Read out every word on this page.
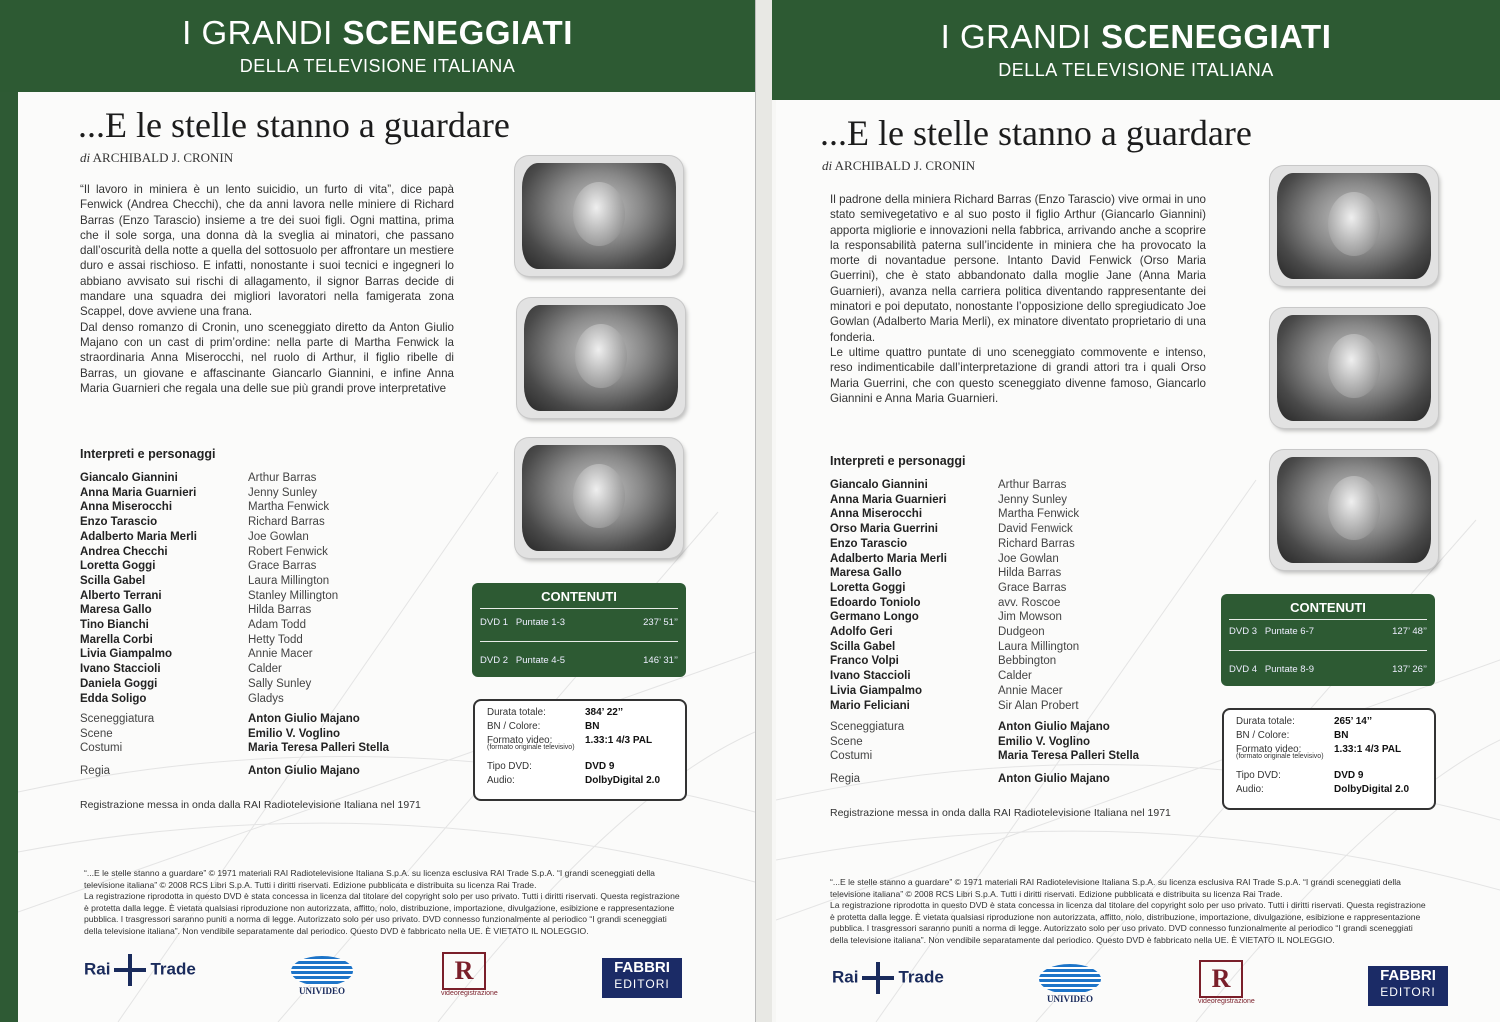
I GRANDI SCENEGGIATI
DELLA TELEVISIONE ITALIANA
...E le stelle stanno a guardare
di ARCHIBALD J. CRONIN

“Il lavoro in miniera è un lento suicidio, un furto di vita”, dice papà Fenwick (Andrea Checchi), che da anni lavora nelle miniere di Richard Barras (Enzo Tarascio) insieme a tre dei suoi figli. Ogni mattina, prima che il sole sorga, una donna dà la sveglia ai minatori, che passano dall’oscurità della notte a quella del sottosuolo per affrontare un mestiere duro e assai rischioso. E infatti, nonostante i suoi tecnici e ingegneri lo abbiano avvisato sui rischi di allagamento, il signor Barras decide di mandare una squadra dei migliori lavoratori nella famigerata zona Scappel, dove avviene una frana.

Dal denso romanzo di Cronin, uno sceneggiato diretto da Anton Giulio Majano con un cast di prim’ordine: nella parte di Martha Fenwick la straordinaria Anna Miserocchi, nel ruolo di Arthur, il figlio ribelle di Barras, un giovane e affascinante Giancarlo Giannini, e infine Anna Maria Guarnieri che regala una delle sue più grandi prove interpretative

Interpreti e personaggi
Giancalo Giannini	Arthur Barras
Anna Maria Guarnieri	Jenny Sunley
Anna Miserocchi	Martha Fenwick
Enzo Tarascio	Richard Barras
Adalberto Maria Merli	Joe Gowlan
Andrea Checchi	Robert Fenwick
Loretta Goggi	Grace Barras
Scilla Gabel	Laura Millington
Alberto Terrani	Stanley Millington
Maresa Gallo	Hilda Barras
Tino Bianchi	Adam Todd
Marella Corbi	Hetty Todd
Livia Giampalmo	Annie Macer
Ivano Staccioli	Calder
Daniela Goggi	Sally Sunley
Edda Soligo	Gladys
Sceneggiatura	Anton Giulio Majano
Scene	Emilio V. Voglino
Costumi	Maria Teresa Palleri Stella
Regia	Anton Giulio Majano
Registrazione messa in onda dalla RAI Radiotelevisione Italiana nel 1971
CONTENUTI
DVD 1 Puntate 1-3	237’ 51’’
DVD 2 Puntate 4-5	146’ 31’’
Durata totale:	384’ 22’’
BN / Colore:	BN
Formato video:
(formato originale televisivo)
1.33:1 4/3 PAL
Tipo DVD:	DVD 9
Audio:	DolbyDigital 2.0

“...E le stelle stanno a guardare” © 1971 materiali RAI Radiotelevisione Italiana S.p.A. su licenza esclusiva RAI Trade S.p.A. “I grandi sceneggiati della televisione italiana” © 2008 RCS Libri S.p.A. Tutti i diritti riservati. Edizione pubblicata e distribuita su licenza Rai Trade.

La registrazione riprodotta in questo DVD è stata concessa in licenza dal titolare del copyright solo per uso privato. Tutti i diritti riservati. Questa registrazione è protetta dalla legge. È vietata qualsiasi riproduzione non autorizzata, affitto, nolo, distribuzione, importazione, divulgazione, esibizione e rappresentazione pubblica. I trasgressori saranno puniti a norma di legge. Autorizzato solo per uso privato. DVD connesso funzionalmente al periodico “I grandi sceneggiati della televisione italiana”. Non vendibile separatamente dal periodico. Questo DVD è fabbricato nella UE. È VIETATO IL NOLEGGIO.

Rai Trade
UNIVIDEO
R
videoregistrazione
FABBRI
EDITORI
I GRANDI SCENEGGIATI
DELLA TELEVISIONE ITALIANA
...E le stelle stanno a guardare
di ARCHIBALD J. CRONIN

Il padrone della miniera Richard Barras (Enzo Tarascio) vive ormai in uno stato semivegetativo e al suo posto il figlio Arthur (Giancarlo Giannini) apporta migliorie e innovazioni nella fabbrica, arrivando anche a scoprire la responsabilità paterna sull’incidente in miniera che ha provocato la morte di novantadue persone. Intanto David Fenwick (Orso Maria Guerrini), che è stato abbandonato dalla moglie Jane (Anna Maria Guarnieri), avanza nella carriera politica diventando rappresentante dei minatori e poi deputato, nonostante l’opposizione dello spregiudicato Joe Gowlan (Adalberto Maria Merli), ex minatore diventato proprietario di una fonderia.

Le ultime quattro puntate di uno sceneggiato commovente e intenso, reso indimenticabile dall’interpretazione di grandi attori tra i quali Orso Maria Guerrini, che con questo sceneggiato divenne famoso, Giancarlo Giannini e Anna Maria Guarnieri.

Interpreti e personaggi
Giancalo Giannini	Arthur Barras
Anna Maria Guarnieri	Jenny Sunley
Anna Miserocchi	Martha Fenwick
Orso Maria Guerrini	David Fenwick
Enzo Tarascio	Richard Barras
Adalberto Maria Merli	Joe Gowlan
Maresa Gallo	Hilda Barras
Loretta Goggi	Grace Barras
Edoardo Toniolo	avv. Roscoe
Germano Longo	Jim Mowson
Adolfo Geri	Dudgeon
Scilla Gabel	Laura Millington
Franco Volpi	Bebbington
Ivano Staccioli	Calder
Livia Giampalmo	Annie Macer
Mario Feliciani	Sir Alan Probert
Sceneggiatura	Anton Giulio Majano
Scene	Emilio V. Voglino
Costumi	Maria Teresa Palleri Stella
Regia	Anton Giulio Majano
Registrazione messa in onda dalla RAI Radiotelevisione Italiana nel 1971
CONTENUTI
DVD 3 Puntate 6-7	127’ 48’’
DVD 4 Puntate 8-9	137’ 26’’
Durata totale:	265’ 14’’
BN / Colore:	BN
Formato video:
(formato originale televisivo)
1.33:1 4/3 PAL
Tipo DVD:	DVD 9
Audio:	DolbyDigital 2.0

“...E le stelle stanno a guardare” © 1971 materiali RAI Radiotelevisione Italiana S.p.A. su licenza esclusiva RAI Trade S.p.A. “I grandi sceneggiati della televisione italiana” © 2008 RCS Libri S.p.A. Tutti i diritti riservati. Edizione pubblicata e distribuita su licenza Rai Trade.

La registrazione riprodotta in questo DVD è stata concessa in licenza dal titolare del copyright solo per uso privato. Tutti i diritti riservati. Questa registrazione è protetta dalla legge. È vietata qualsiasi riproduzione non autorizzata, affitto, nolo, distribuzione, importazione, divulgazione, esibizione e rappresentazione pubblica. I trasgressori saranno puniti a norma di legge. Autorizzato solo per uso privato. DVD connesso funzionalmente al periodico “I grandi sceneggiati della televisione italiana”. Non vendibile separatamente dal periodico. Questo DVD è fabbricato nella UE. È VIETATO IL NOLEGGIO.

Rai Trade
UNIVIDEO
R
videoregistrazione
FABBRI
EDITORI
